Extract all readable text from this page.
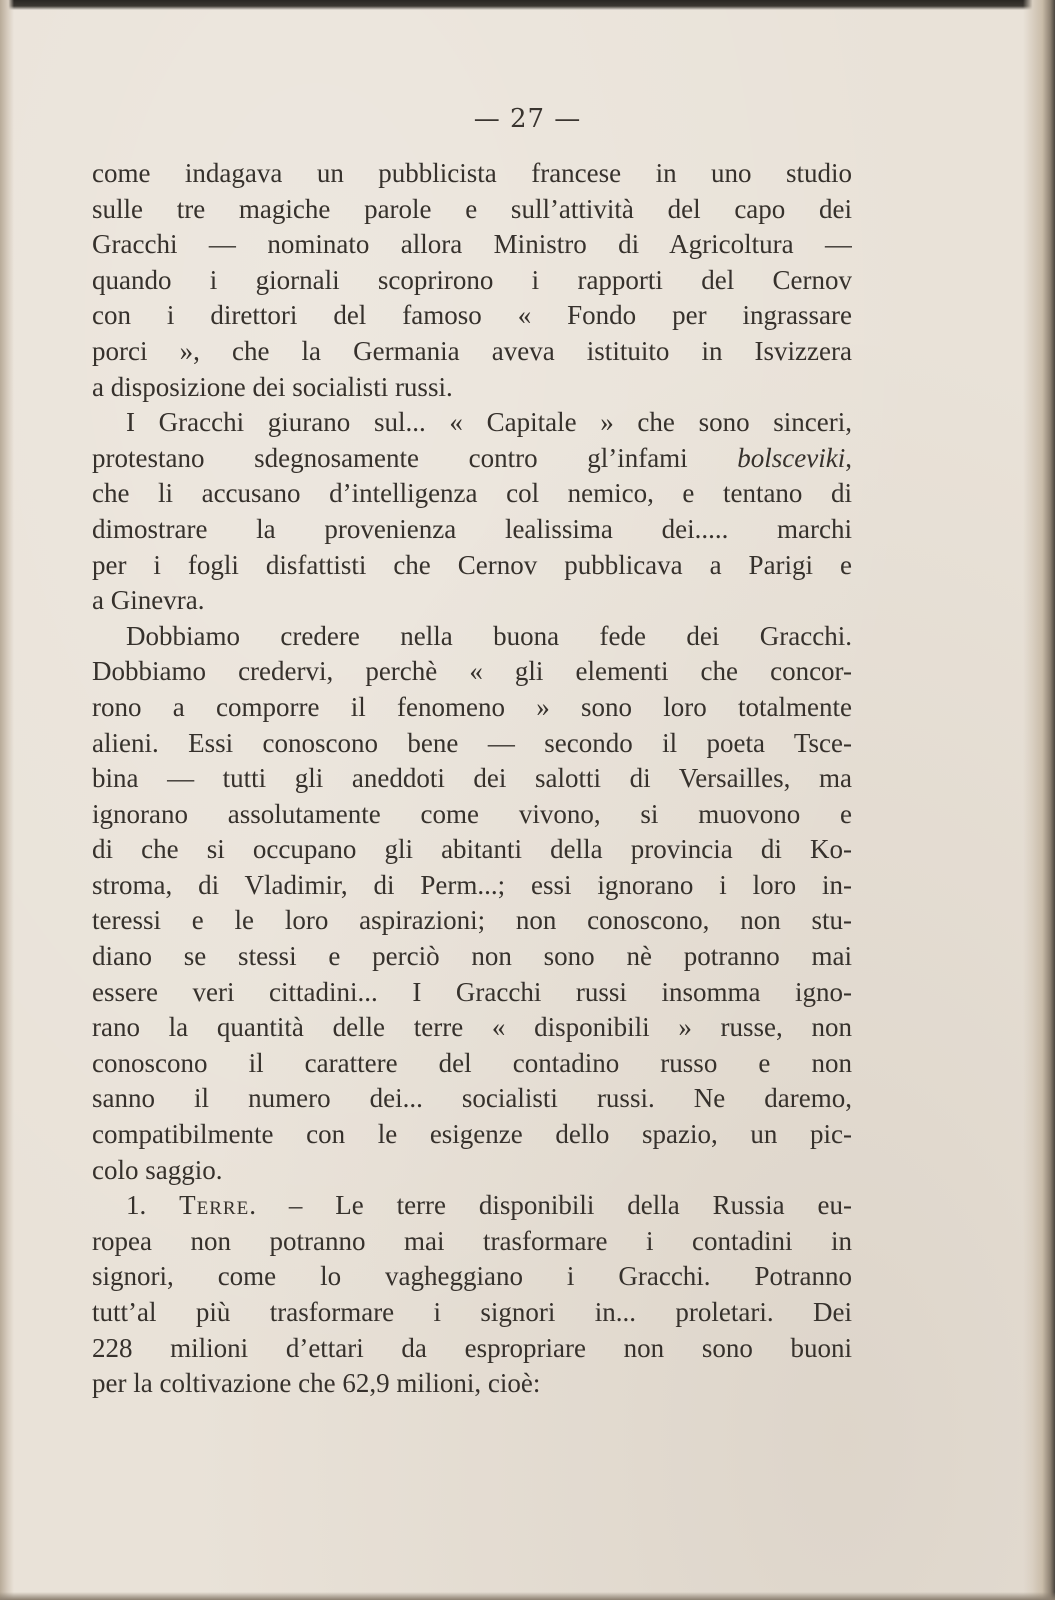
— 27 —

come indagava un pubblicista francese in uno studio
sulle tre magiche parole e sull’attività del capo dei
Gracchi — nominato allora Ministro di Agricoltura —
quando i giornali scoprirono i rapporti del Cernov
con i direttori del famoso « Fondo per ingrassare
porci », che la Germania aveva istituito in Isvizzera
a disposizione dei socialisti russi.

I Gracchi giurano sul... « Capitale » che sono sinceri,
protestano sdegnosamente contro gl’infami bolsceviki,
che li accusano d’intelligenza col nemico, e tentano di
dimostrare la provenienza lealissima dei..... marchi
per i fogli disfattisti che Cernov pubblicava a Parigi e
a Ginevra.

Dobbiamo credere nella buona fede dei Gracchi.
Dobbiamo credervi, perchè « gli elementi che concor-
rono a comporre il fenomeno » sono loro totalmente
alieni. Essi conoscono bene — secondo il poeta Tsce-
bina — tutti gli aneddoti dei salotti di Versailles, ma
ignorano assolutamente come vivono, si muovono e
di che si occupano gli abitanti della provincia di Ko-
stroma, di Vladimir, di Perm...; essi ignorano i loro in-
teressi e le loro aspirazioni; non conoscono, non stu-
diano se stessi e perciò non sono nè potranno mai
essere veri cittadini... I Gracchi russi insomma igno-
rano la quantità delle terre « disponibili » russe, non
conoscono il carattere del contadino russo e non
sanno il numero dei... socialisti russi. Ne daremo,
compatibilmente con le esigenze dello spazio, un pic-
colo saggio.

1. Terre. – Le terre disponibili della Russia eu-
ropea non potranno mai trasformare i contadini in
signori, come lo vagheggiano i Gracchi. Potranno
tutt’al più trasformare i signori in... proletari. Dei
228 milioni d’ettari da espropriare non sono buoni
per la coltivazione che 62,9 milioni, cioè:
